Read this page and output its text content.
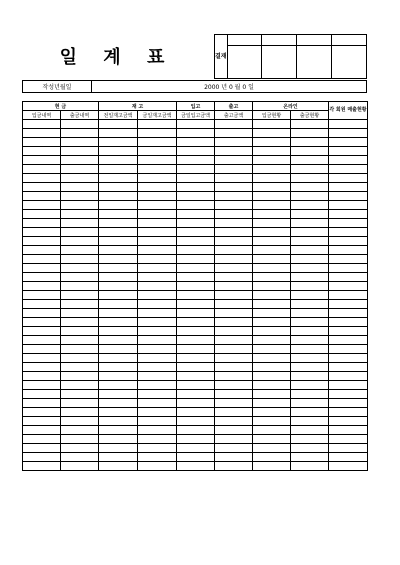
일 계 표	결재				

작성년월일	2000 년 0 월 0 일
현 금		재 고		입고	출고	온라인		각 회원 매출현황
입금내역	출금내역	전일재고금액	금일재고금액	금일입고금액	출고금액	입금현황	출금현황	
